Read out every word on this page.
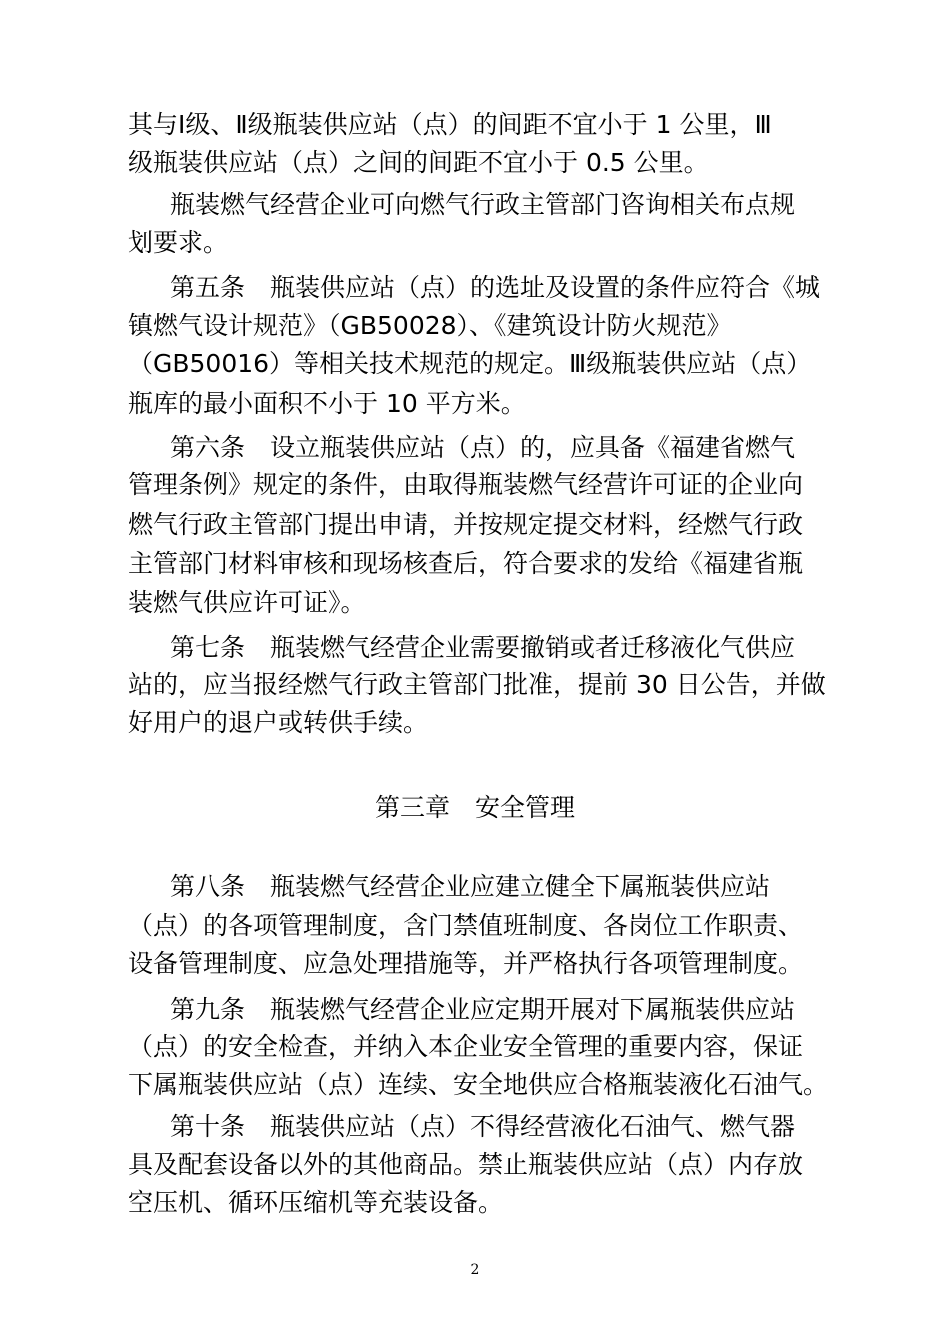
其与Ⅰ级、Ⅱ级瓶装供应站（点）的间距不宜小于 1 公里，Ⅲ
级瓶装供应站（点）之间的间距不宜小于 0.5 公里。
瓶装燃气经营企业可向燃气行政主管部门咨询相关布点规
划要求。
第五条　瓶装供应站（点）的选址及设置的条件应符合《城
镇燃气设计规范》（GB50028）、《建筑设计防火规范》
（GB50016）等相关技术规范的规定。Ⅲ级瓶装供应站（点）
瓶库的最小面积不小于 10 平方米。
第六条　设立瓶装供应站（点）的，应具备《福建省燃气
管理条例》规定的条件，由取得瓶装燃气经营许可证的企业向
燃气行政主管部门提出申请，并按规定提交材料，经燃气行政
主管部门材料审核和现场核查后，符合要求的发给《福建省瓶
装燃气供应许可证》。
第七条　瓶装燃气经营企业需要撤销或者迁移液化气供应
站的，应当报经燃气行政主管部门批准，提前 30 日公告，并做
好用户的退户或转供手续。
第三章　安全管理
第八条　瓶装燃气经营企业应建立健全下属瓶装供应站
（点）的各项管理制度，含门禁值班制度、各岗位工作职责、
设备管理制度、应急处理措施等，并严格执行各项管理制度。
第九条　瓶装燃气经营企业应定期开展对下属瓶装供应站
（点）的安全检查，并纳入本企业安全管理的重要内容，保证
下属瓶装供应站（点）连续、安全地供应合格瓶装液化石油气。
第十条　瓶装供应站（点）不得经营液化石油气、燃气器
具及配套设备以外的其他商品。禁止瓶装供应站（点）内存放
空压机、循环压缩机等充装设备。
2
